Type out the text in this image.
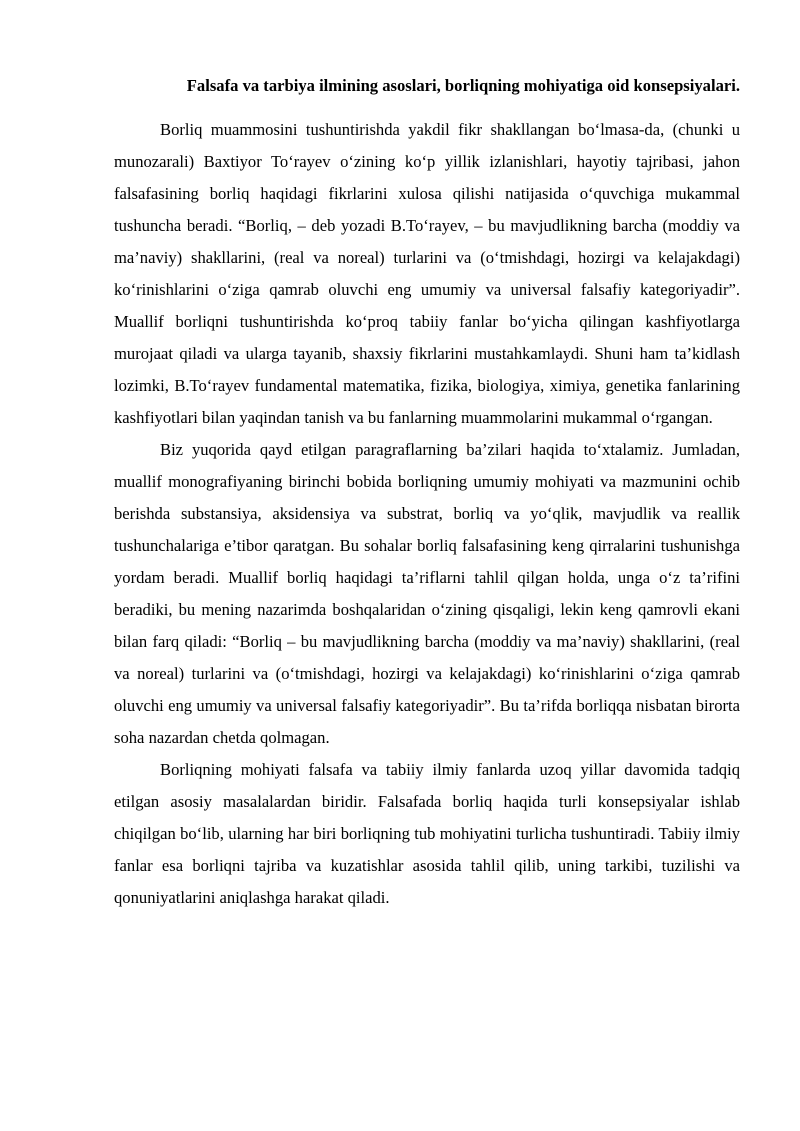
Falsafa va tarbiya ilmining asoslari, borliqning mohiyatiga oid konsepsiyalari.

Borliq muammosini tushuntirishda yakdil fikr shakllangan bo‘lmasa-da, (chunki u munozarali) Baxtiyor To‘rayev o‘zining ko‘p yillik izlanishlari, hayotiy tajribasi, jahon falsafasining borliq haqidagi fikrlarini xulosa qilishi natijasida o‘quvchiga mukammal tushuncha beradi. “Borliq, – deb yozadi B.To‘rayev, – bu mavjudlikning barcha (moddiy va ma’naviy) shakllarini, (real va noreal) turlarini va (o‘tmishdagi, hozirgi va kelajakdagi) ko‘rinishlarini o‘ziga qamrab oluvchi eng umumiy va universal falsafiy kategoriyadir”. Muallif borliqni tushuntirishda ko‘proq tabiiy fanlar bo‘yicha qilingan kashfiyotlarga murojaat qiladi va ularga tayanib, shaxsiy fikrlarini mustahkamlaydi. Shuni ham ta’kidlash lozimki, B.To‘rayev fundamental matematika, fizika, biologiya, ximiya, genetika fanlarining kashfiyotlari bilan yaqindan tanish va bu fanlarning muammolarini mukammal o‘rgangan.

Biz yuqorida qayd etilgan paragraflarning ba’zilari haqida to‘xtalamiz. Jumladan, muallif monografiyaning birinchi bobida borliqning umumiy mohiyati va mazmunini ochib berishda substansiya, aksidensiya va substrat, borliq va yo‘qlik, mavjudlik va reallik tushunchalariga e’tibor qaratgan. Bu sohalar borliq falsafasining keng qirralarini tushunishga yordam beradi. Muallif borliq haqidagi ta’riflarni tahlil qilgan holda, unga o‘z ta’rifini beradiki, bu mening nazarimda boshqalaridan o‘zining qisqaligi, lekin keng qamrovli ekani bilan farq qiladi: “Borliq – bu mavjudlikning barcha (moddiy va ma’naviy) shakllarini, (real va noreal) turlarini va (o‘tmishdagi, hozirgi va kelajakdagi) ko‘rinishlarini o‘ziga qamrab oluvchi eng umumiy va universal falsafiy kategoriyadir”. Bu ta’rifda borliqqa nisbatan birorta soha nazardan chetda qolmagan.

Borliqning mohiyati falsafa va tabiiy ilmiy fanlarda uzoq yillar davomida tadqiq etilgan asosiy masalalardan biridir. Falsafada borliq haqida turli konsepsiyalar ishlab chiqilgan bo‘lib, ularning har biri borliqning tub mohiyatini turlicha tushuntiradi. Tabiiy ilmiy fanlar esa borliqni tajriba va kuzatishlar asosida tahlil qilib, uning tarkibi, tuzilishi va qonuniyatlarini aniqlashga harakat qiladi.
